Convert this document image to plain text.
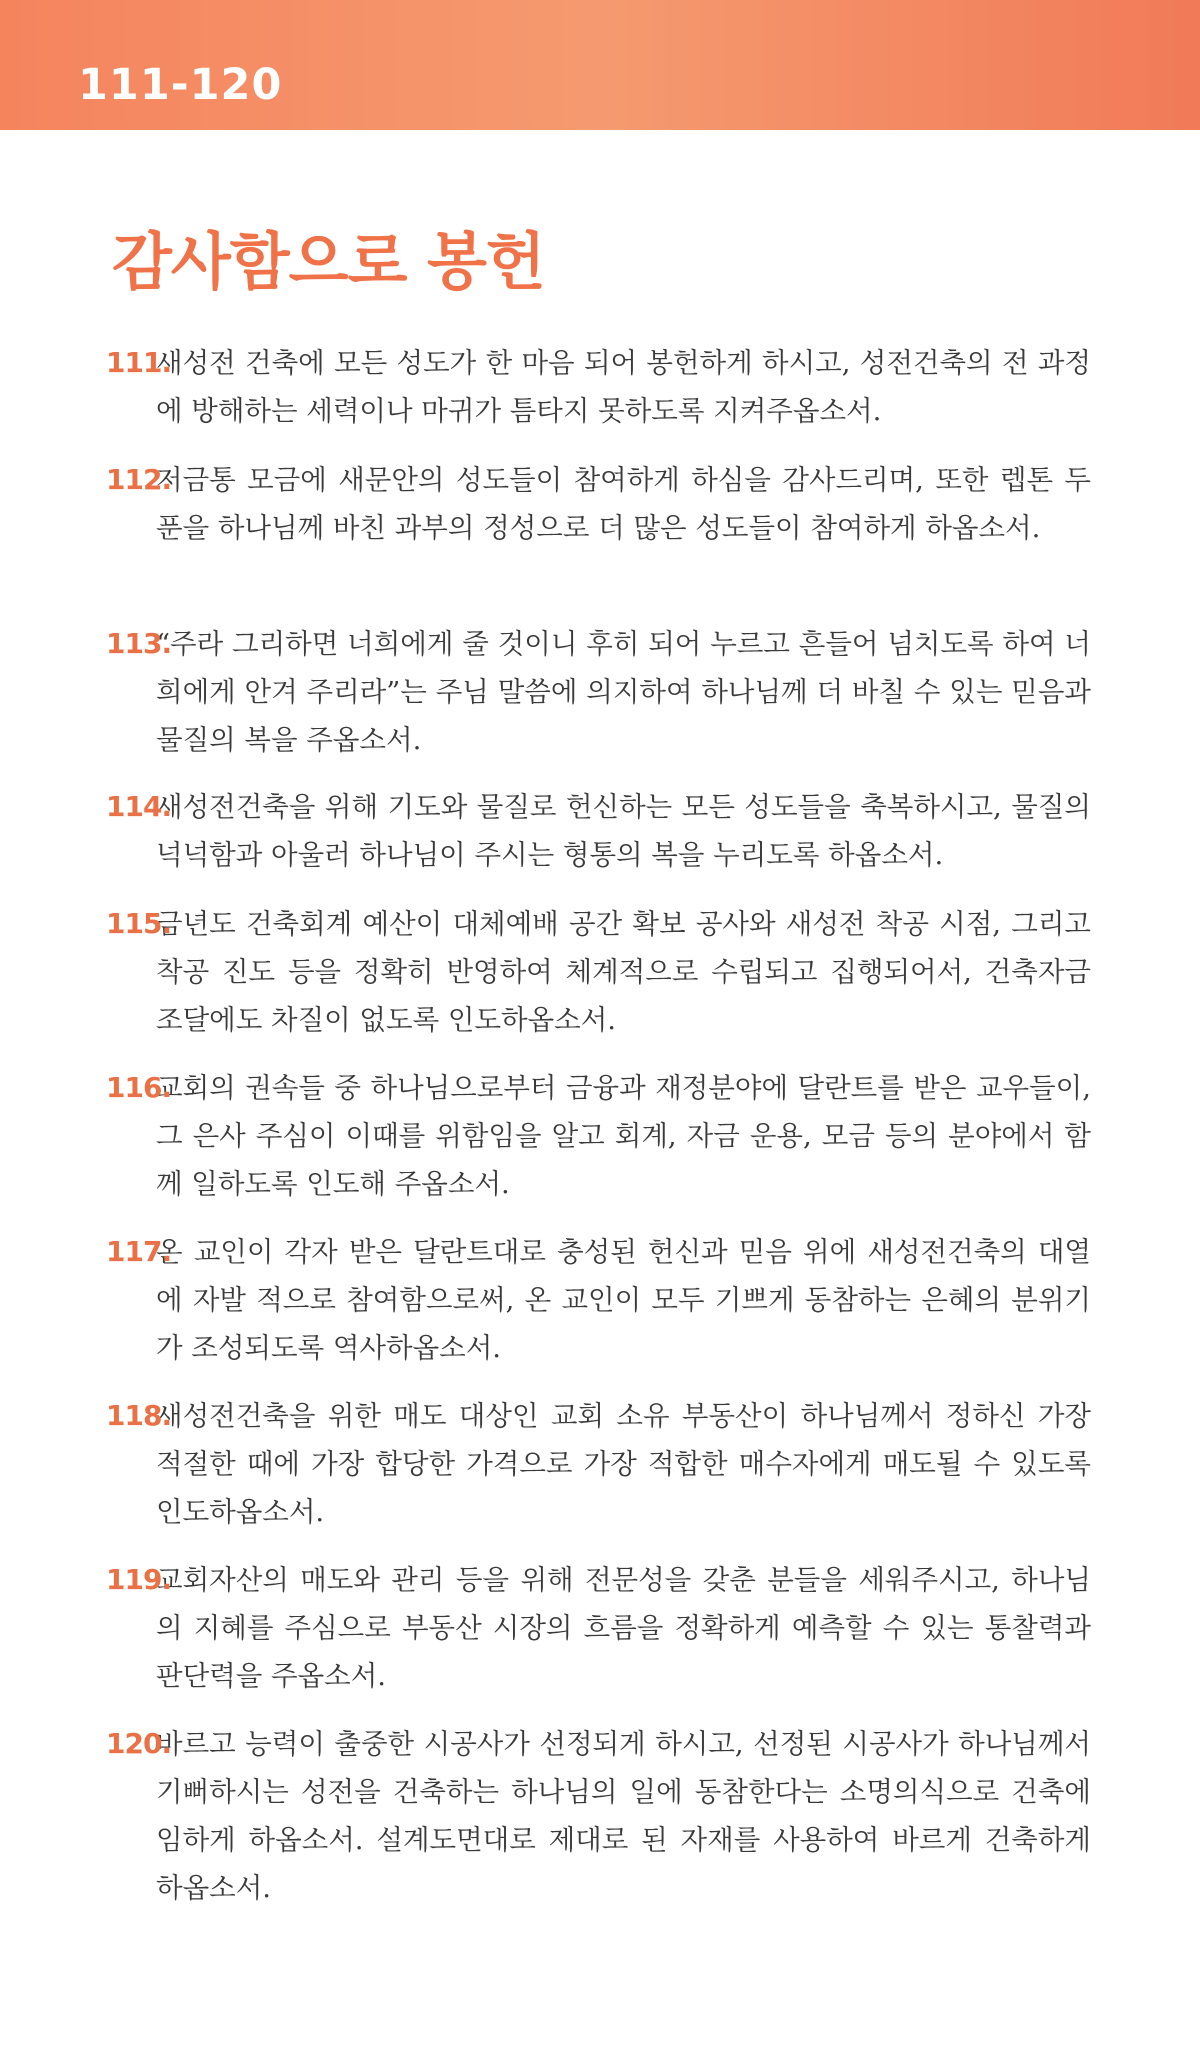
111-120
감사함으로 봉헌
111.
새성전 건축에 모든 성도가 한 마음 되어 봉헌하게 하시고, 성전건축의 전 과정에 방해하는 세력이나 마귀가 틈타지 못하도록 지켜주옵소서.
112.
저금통 모금에 새문안의 성도들이 참여하게 하심을 감사드리며, 또한 렙톤 두 푼을 하나님께 바친 과부의 정성으로 더 많은 성도들이 참여하게 하옵소서.
113.
“주라 그리하면 너희에게 줄 것이니 후히 되어 누르고 흔들어 넘치도록 하여 너희에게 안겨 주리라”는 주님 말씀에 의지하여 하나님께 더 바칠 수 있는 믿음과 물질의 복을 주옵소서.
114.
새성전건축을 위해 기도와 물질로 헌신하는 모든 성도들을 축복하시고, 물질의 넉넉함과 아울러 하나님이 주시는 형통의 복을 누리도록 하옵소서.
115.
금년도 건축회계 예산이 대체예배 공간 확보 공사와 새성전 착공 시점, 그리고 착공 진도 등을 정확히 반영하여 체계적으로 수립되고 집행되어서, 건축자금 조달에도 차질이 없도록 인도하옵소서.
116.
교회의 권속들 중 하나님으로부터 금융과 재정분야에 달란트를 받은 교우들이, 그 은사 주심이 이때를 위함임을 알고 회계, 자금 운용, 모금 등의 분야에서 함께 일하도록 인도해 주옵소서.
117.
온 교인이 각자 받은 달란트대로 충성된 헌신과 믿음 위에 새성전건축의 대열에 자발 적으로 참여함으로써, 온 교인이 모두 기쁘게 동참하는 은혜의 분위기가 조성되도록 역사하옵소서.
118.
새성전건축을 위한 매도 대상인 교회 소유 부동산이 하나님께서 정하신 가장 적절한 때에 가장 합당한 가격으로 가장 적합한 매수자에게 매도될 수 있도록 인도하옵소서.
119.
교회자산의 매도와 관리 등을 위해 전문성을 갖춘 분들을 세워주시고, 하나님의 지혜를 주심으로 부동산 시장의 흐름을 정확하게 예측할 수 있는 통찰력과 판단력을 주옵소서.
120.
바르고 능력이 출중한 시공사가 선정되게 하시고, 선정된 시공사가 하나님께서 기뻐하시는 성전을 건축하는 하나님의 일에 동참한다는 소명의식으로 건축에 임하게 하옵소서. 설계도면대로 제대로 된 자재를 사용하여 바르게 건축하게 하옵소서.
